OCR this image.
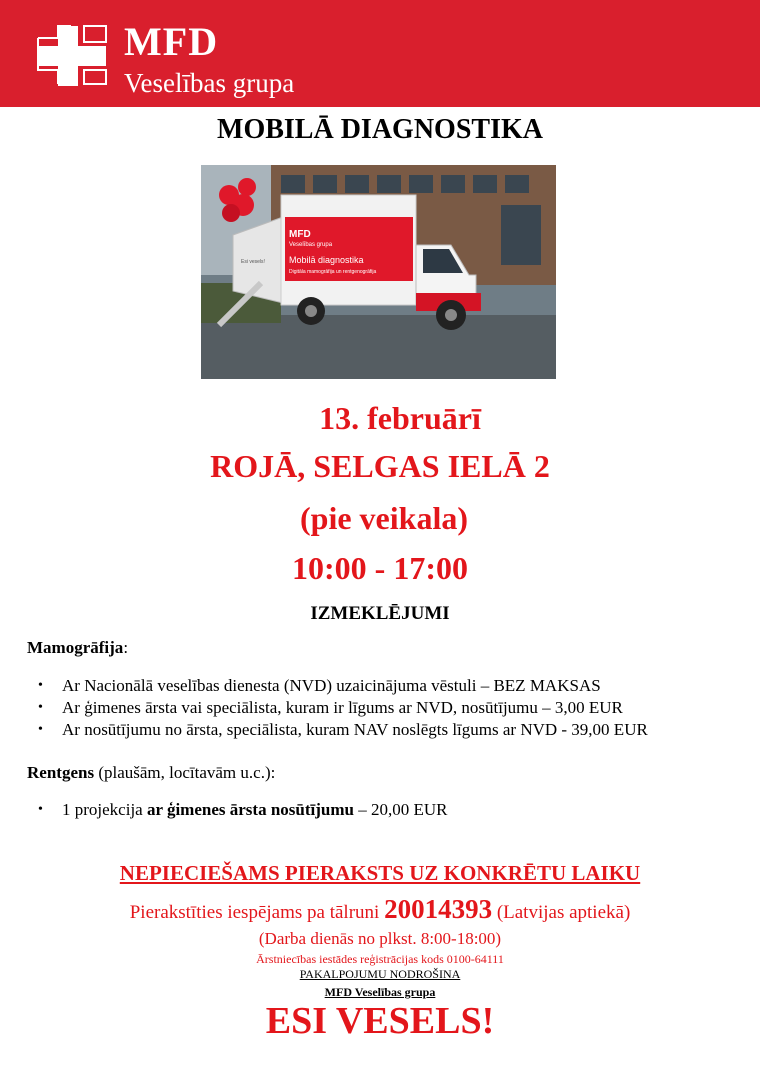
MFD
Veselības grupa
MOBILĀ DIAGNOSTIKA
MFD
Veselības grupa
Mobilā diagnostika
Digitāla mamogrāfija un rentgenogrāfija
Esi vesels!
13. februārī
ROJĀ, SELGAS IELĀ 2
(pie veikala)
10:00 - 17:00
IZMEKLĒJUMI
Mamogrāfija:
• Ar Nacionālā veselības dienesta (NVD) uzaicinājuma vēstuli – BEZ MAKSAS
• Ar ģimenes ārsta vai speciālista, kuram ir līgums ar NVD, nosūtījumu – 3,00 EUR
• Ar nosūtījumu no ārsta, speciālista, kuram NAV noslēgts līgums ar NVD - 39,00 EUR
Rentgens (plaušām, locītavām u.c.):
• 1 projekcija ar ģimenes ārsta nosūtījumu – 20,00 EUR
NEPIECIEŠAMS PIERAKSTS UZ KONKRĒTU LAIKU
Pierakstīties iespējams pa tālruni 20014393 (Latvijas aptiekā)
(Darba dienās no plkst. 8:00-18:00)
Ārstniecības iestādes reģistrācijas kods 0100-64111
PAKALPOJUMU NODROŠINA
MFD Veselības grupa
ESI VESELS!
